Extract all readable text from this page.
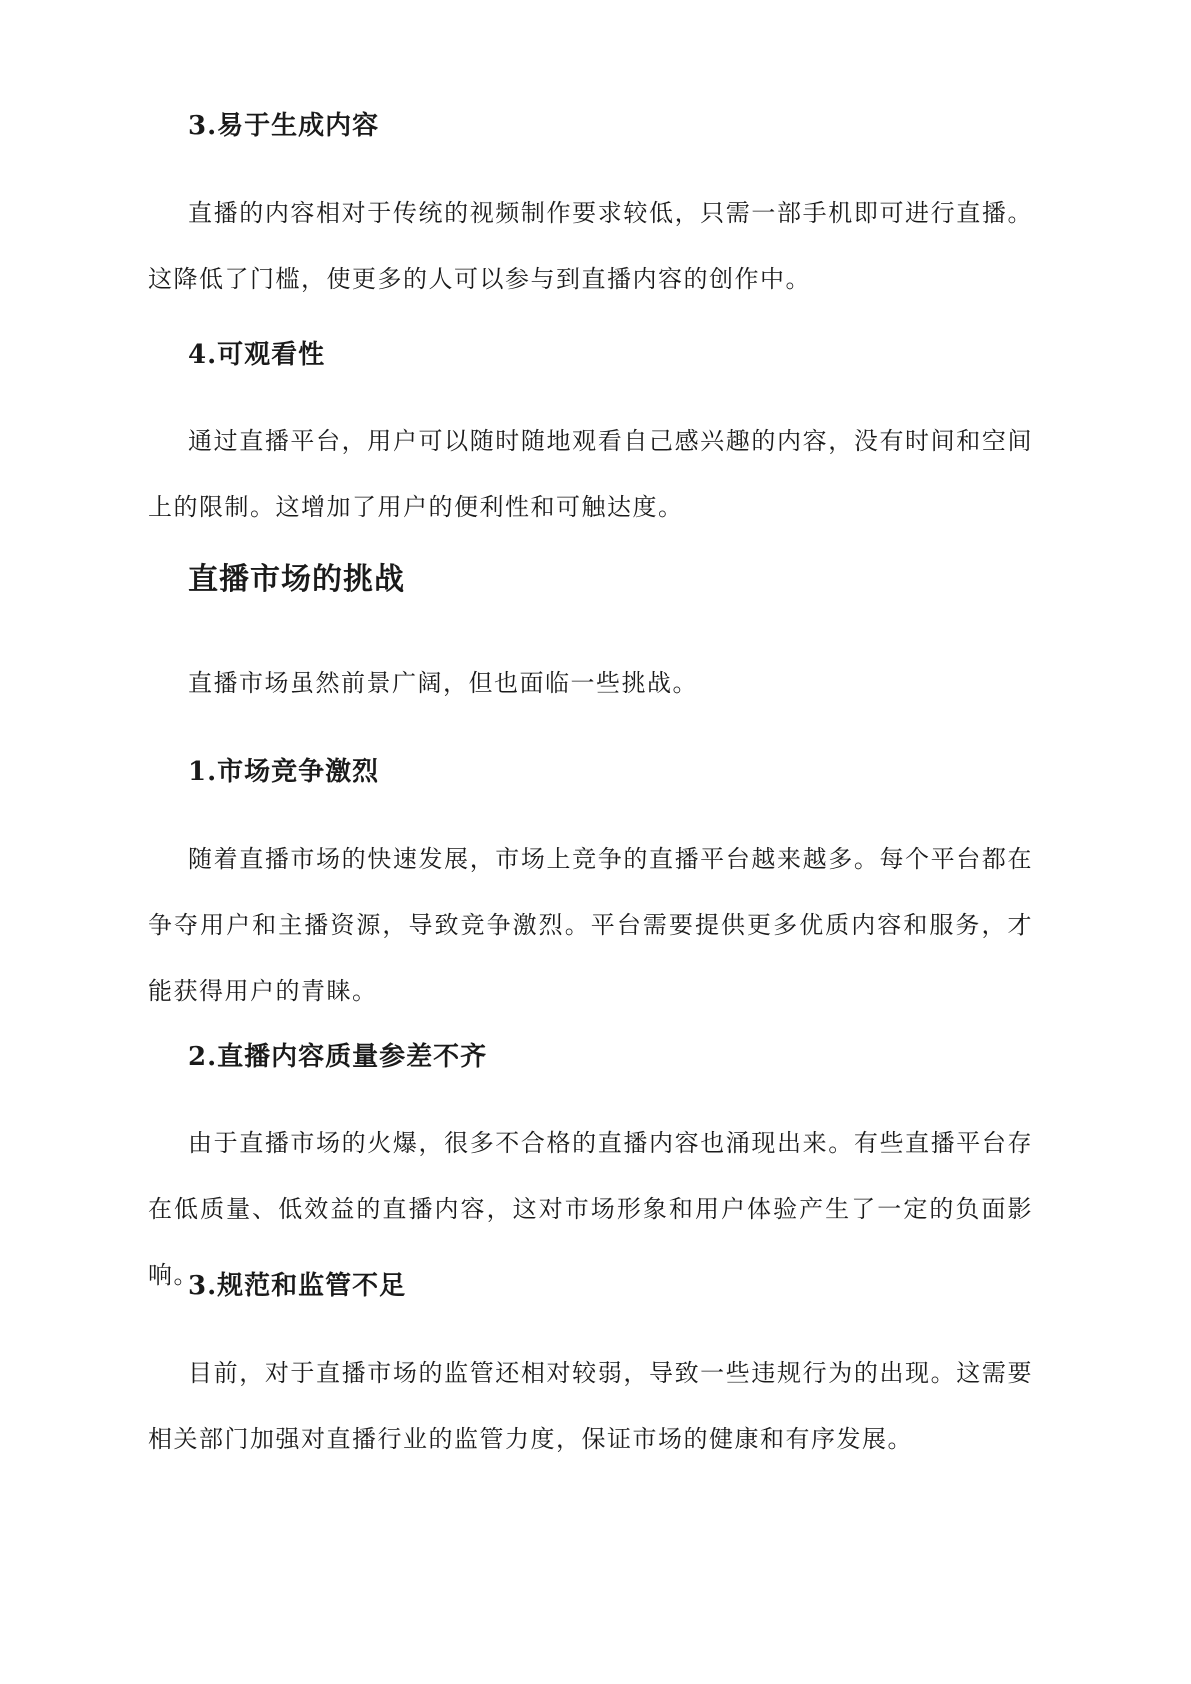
3.易于生成内容

直播的内容相对于传统的视频制作要求较低，只需一部手机即可进行直播。这降低了门槛，使更多的人可以参与到直播内容的创作中。

4.可观看性

通过直播平台，用户可以随时随地观看自己感兴趣的内容，没有时间和空间上的限制。这增加了用户的便利性和可触达度。

直播市场的挑战

直播市场虽然前景广阔，但也面临一些挑战。

1.市场竞争激烈

随着直播市场的快速发展，市场上竞争的直播平台越来越多。每个平台都在争夺用户和主播资源，导致竞争激烈。平台需要提供更多优质内容和服务，才能获得用户的青睐。

2.直播内容质量参差不齐

由于直播市场的火爆，很多不合格的直播内容也涌现出来。有些直播平台存在低质量、低效益的直播内容，这对市场形象和用户体验产生了一定的负面影响。

3.规范和监管不足

目前，对于直播市场的监管还相对较弱，导致一些违规行为的出现。这需要相关部门加强对直播行业的监管力度，保证市场的健康和有序发展。
